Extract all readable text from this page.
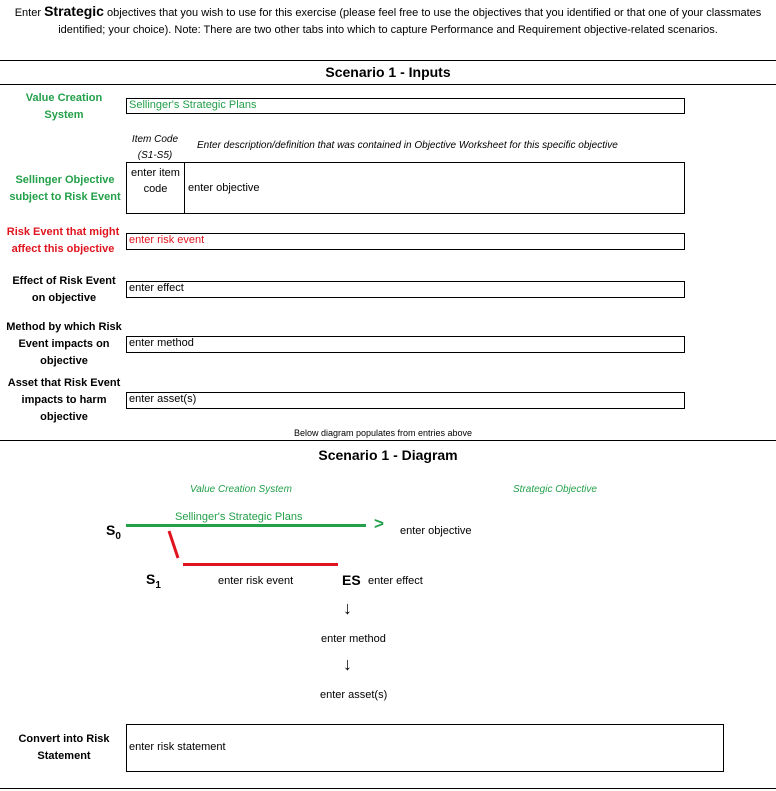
Enter Strategic objectives that you wish to use for this exercise (please feel free to use the objectives that you identified or that one of your classmates identified; your choice). Note: There are two other tabs into which to capture Performance and Requirement objective-related scenarios.
Scenario 1 - Inputs
Value Creation System
Sellinger's Strategic Plans
Item Code (S1-S5)
Enter description/definition that was contained in Objective Worksheet for this specific objective
Sellinger Objective subject to Risk Event
enter item code	enter objective
Risk Event that might affect this objective
enter risk event
Effect of Risk Event on objective
enter effect
Method by which Risk Event impacts on objective
enter method
Asset that Risk Event impacts to harm objective
enter asset(s)
Below diagram populates from entries above
Scenario 1 - Diagram
Value Creation System	Strategic Objective
$S_0$
Sellinger's Strategic Plans	> enter objective
$S_1$	enter risk event	ES enter effect
↓
enter method
↓
enter asset(s)
Convert into Risk Statement
enter risk statement
